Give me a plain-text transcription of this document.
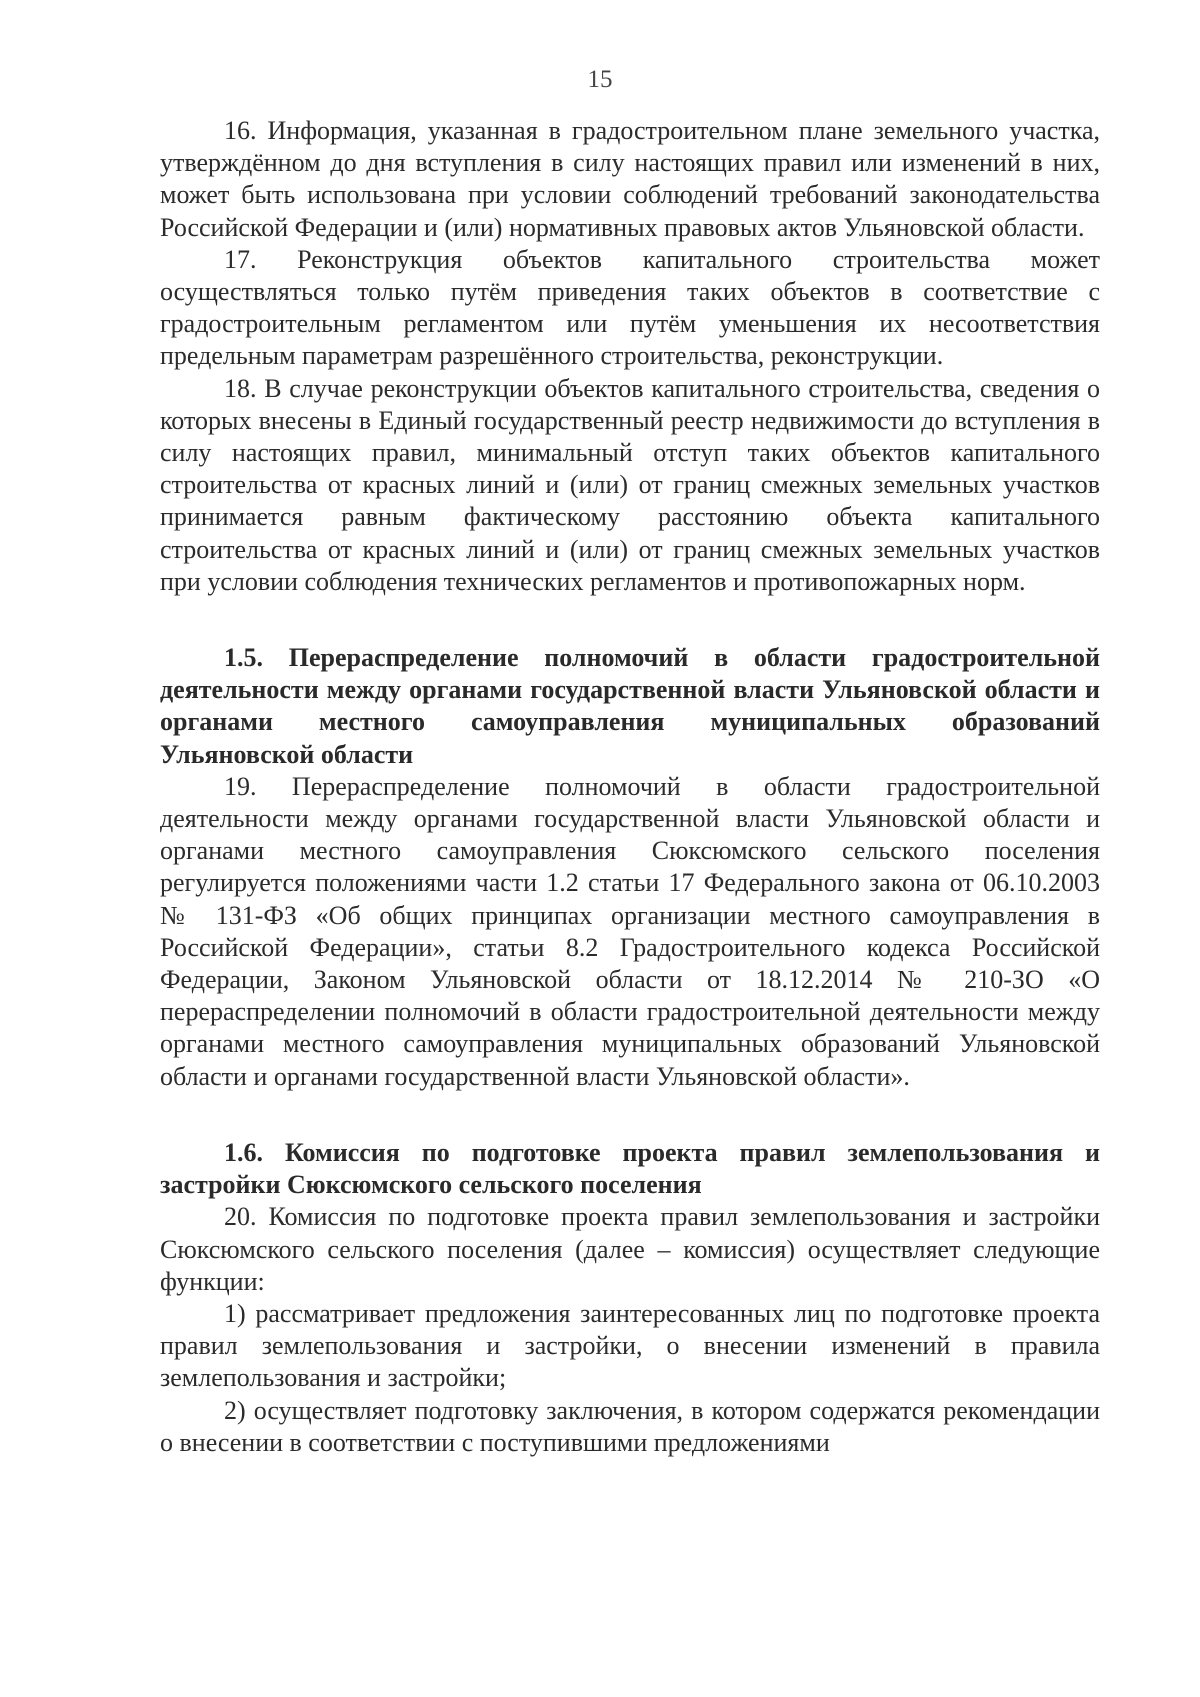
15

16. Информация, указанная в градостроительном плане земельного участка, утверждённом до дня вступления в силу настоящих правил или изменений в них, может быть использована при условии соблюдений требований законодательства Российской Федерации и (или) нормативных правовых актов Ульяновской области.

17. Реконструкция объектов капитального строительства может осуществляться только путём приведения таких объектов в соответствие с градостроительным регламентом или путём уменьшения их несоответствия предельным параметрам разрешённого строительства, реконструкции.

18. В случае реконструкции объектов капитального строительства, сведения о которых внесены в Единый государственный реестр недвижимости до вступления в силу настоящих правил, минимальный отступ таких объектов капитального строительства от красных линий и (или) от границ смежных земельных участков принимается равным фактическому расстоянию объекта капитального строительства от красных линий и (или) от границ смежных земельных участков при условии соблюдения технических регламентов и противопожарных норм.

1.5. Перераспределение полномочий в области градостроительной деятельности между органами государственной власти Ульяновской области и органами местного самоуправления муниципальных образований Ульяновской области

19. Перераспределение полномочий в области градостроительной деятельности между органами государственной власти Ульяновской области и органами местного самоуправления Сюксюмского сельского поселения регулируется положениями части 1.2 статьи 17 Федерального закона от 06.10.2003 № 131-ФЗ «Об общих принципах организации местного самоуправления в Российской Федерации», статьи 8.2 Градостроительного кодекса Российской Федерации, Законом Ульяновской области от 18.12.2014 № 210-ЗО «О перераспределении полномочий в области градостроительной деятельности между органами местного самоуправления муниципальных образований Ульяновской области и органами государственной власти Ульяновской области».

1.6. Комиссия по подготовке проекта правил землепользования и застройки Сюксюмского сельского поселения

20. Комиссия по подготовке проекта правил землепользования и застройки Сюксюмского сельского поселения (далее – комиссия) осуществляет следующие функции:

1) рассматривает предложения заинтересованных лиц по подготовке проекта правил землепользования и застройки, о внесении изменений в правила землепользования и застройки;

2) осуществляет подготовку заключения, в котором содержатся рекомендации о внесении в соответствии с поступившими предложениями
